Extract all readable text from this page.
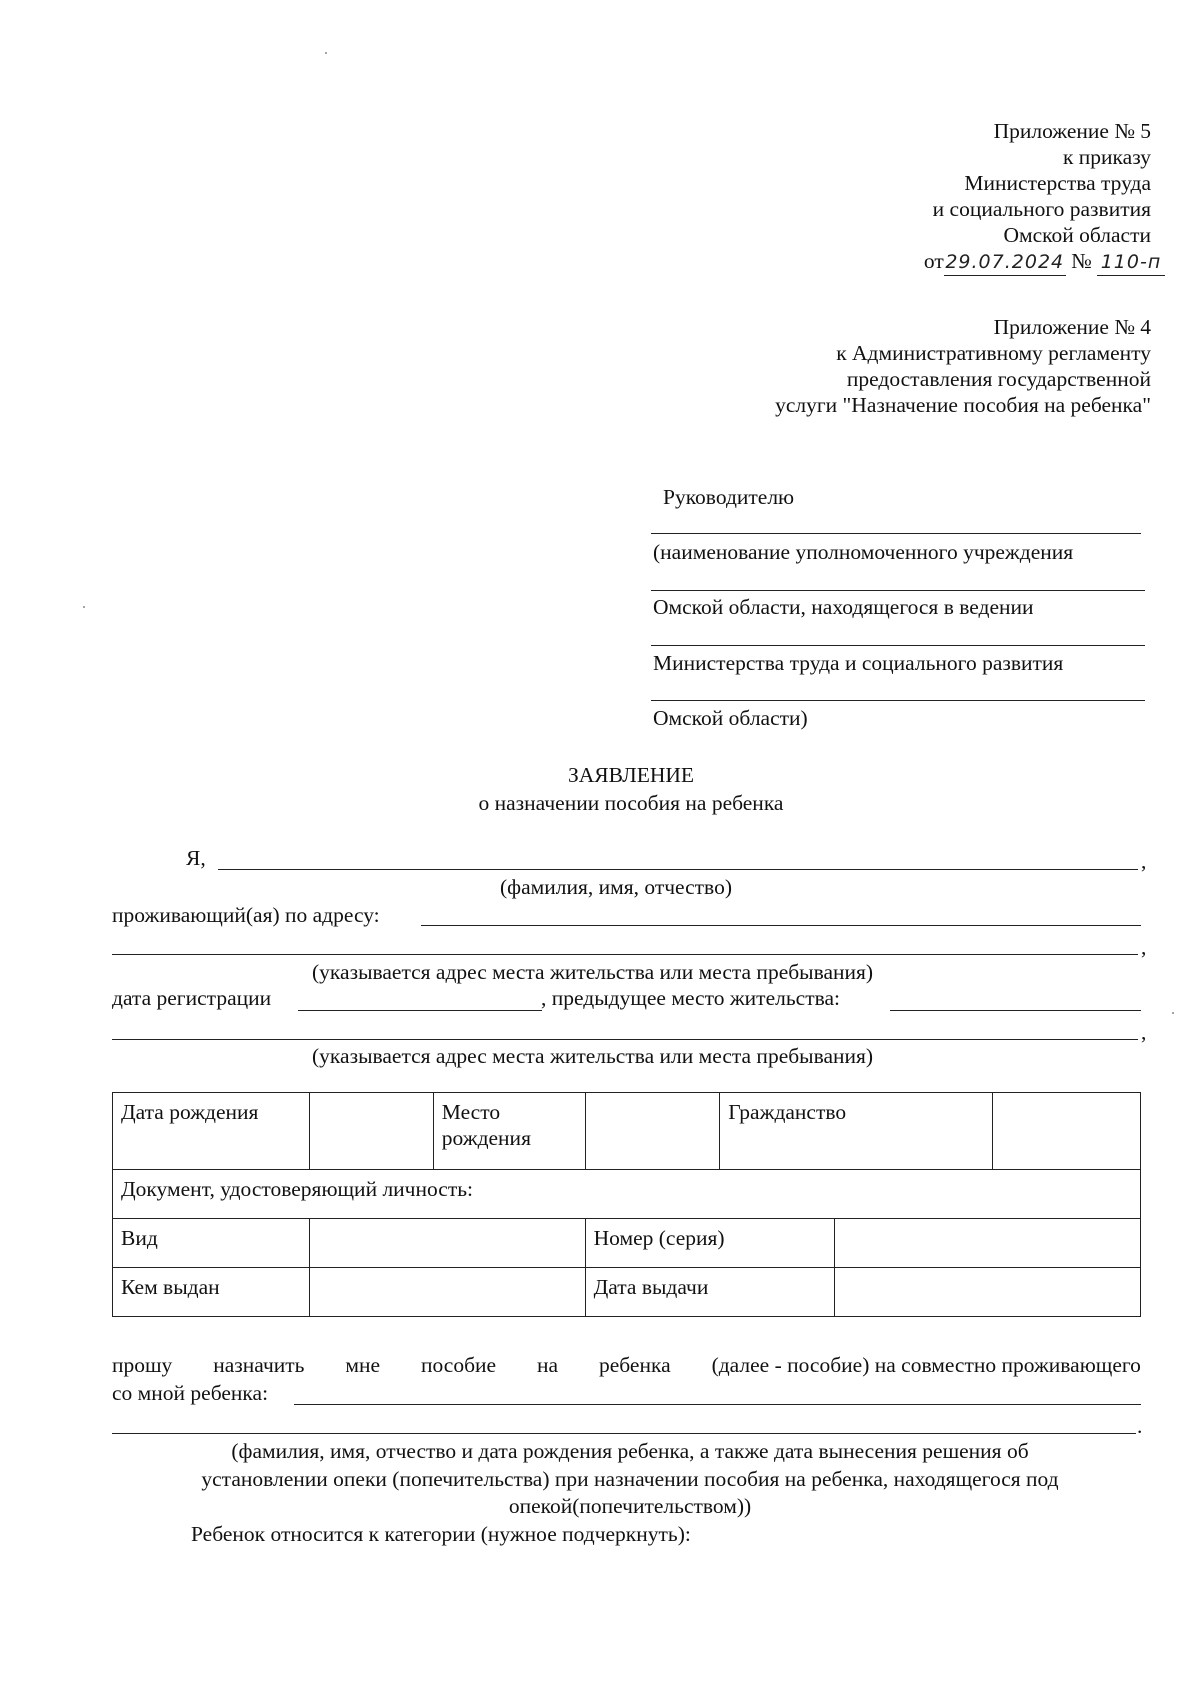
Приложение № 5
к приказу
Министерства труда
и социального развития
Омской области
от29.07.2024 № 110-п
Приложение № 4
к Административному регламенту
предоставления государственной
услуги "Назначение пособия на ребенка"
Руководителю
(наименование уполномоченного учреждения
Омской области, находящегося в ведении
Министерства труда и социального развития
Омской области)
ЗАЯВЛЕНИЕ
о назначении пособия на ребенка
Я,	,
(фамилия, имя, отчество)
проживающий(ая) по адресу:
,
(указывается адрес места жительства или места пребывания)
дата регистрации	, предыдущее место жительства:
,
(указывается адрес места жительства или места пребывания)
Дата рождения		Место рождения		Гражданство		
Документ, удостоверяющий личность:						
Вид			Номер (серия)			
Кем выдан			Дата выдачи			
прошу назначить мне пособие на ребенка (далее - пособие) на совместно проживающего
со мной ребенка:
.
(фамилия, имя, отчество и дата рождения ребенка, а также дата вынесения решения об
установлении опеки (попечительства) при назначении пособия на ребенка, находящегося под
опекой(попечительством))
Ребенок относится к категории (нужное подчеркнуть):
